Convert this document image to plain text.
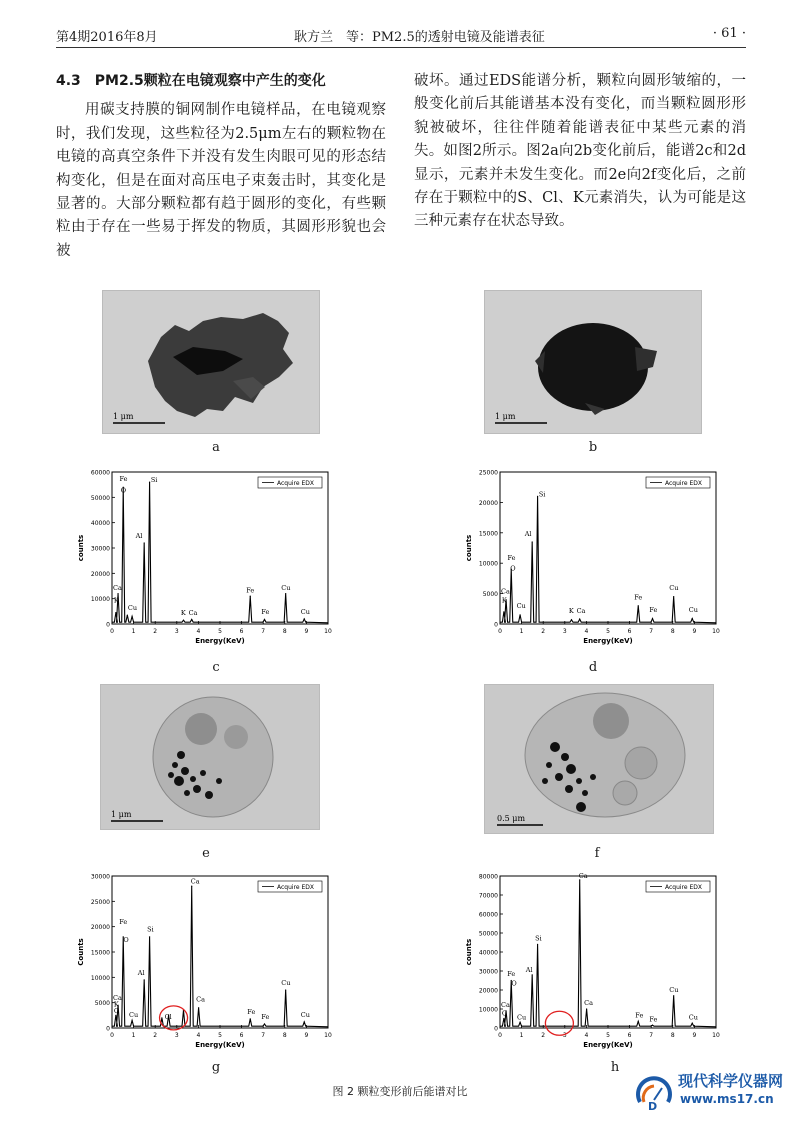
第4期2016年8月	耿方兰　等：PM2.5的透射电镜及能谱表征	· 61 ·

4.3　PM2.5颗粒在电镜观察中产生的变化

用碳支持膜的铜网制作电镜样品，在电镜观察时，我们发现，这些粒径为2.5μm左右的颗粒物在电镜的高真空条件下并没有发生肉眼可见的形态结构变化，但是在面对高压电子束轰击时，其变化是显著的。大部分颗粒都有趋于圆形的变化，有些颗粒由于存在一些易于挥发的物质，其圆形形貌也会被

破坏。通过EDS能谱分析，颗粒向圆形皱缩的，一般变化前后其能谱基本没有变化，而当颗粒圆形形貌被破坏，往往伴随着能谱表征中某些元素的消失。如图2所示。图2a向2b变化前后，能谱2c和2d显示，元素并未发生变化。而2e向2f变化后，之前存在于颗粒中的S、Cl、K元素消失，认为可能是这三种元素存在状态导致。

1 μm
a
1 μm
b
0
10000
20000
30000
40000
50000
60000
0	1	2	3	4	5	6	7	8	9	10
Energy(KeV)
counts
Acquire EDX
Fe
O
Si
Al
Ca
K
Cu
K Ca
Fe
Fe
Cu
Cu
c
0
5000
10000
15000
20000
25000
0	1	2	3	4	5	6	7	8	9	10
Energy(KeV)
counts
Acquire EDX
Fe
O
Si
Al
Ca
K
Cu
K Ca
Fe
Fe
Cu
Cu
d
1 μm
e
0.5 μm
f
0
5000
10000
15000
20000
25000
30000
0	1	2	3	4	5	6	7	8	9	10
Energy(KeV)
Counts
Acquire EDX
Fe
O
Si
Al
Ca
K
C
Cu	Cl
Ca
Ca
Fe
Fe
Cu
Cu
g
0
10000
20000
30000
40000
50000
60000
70000
80000
0	1	2	3	4	5	6	7	8	9	10
Energy(KeV)
counts
Acquire EDX
Fe
O
Si
Al
Ca
C Cu
Ca
Ca
Fe Fe
Cu
Cu
h
图 2 颗粒变形前后能谱对比
D
现代科学仪器网
www.ms17.cn
